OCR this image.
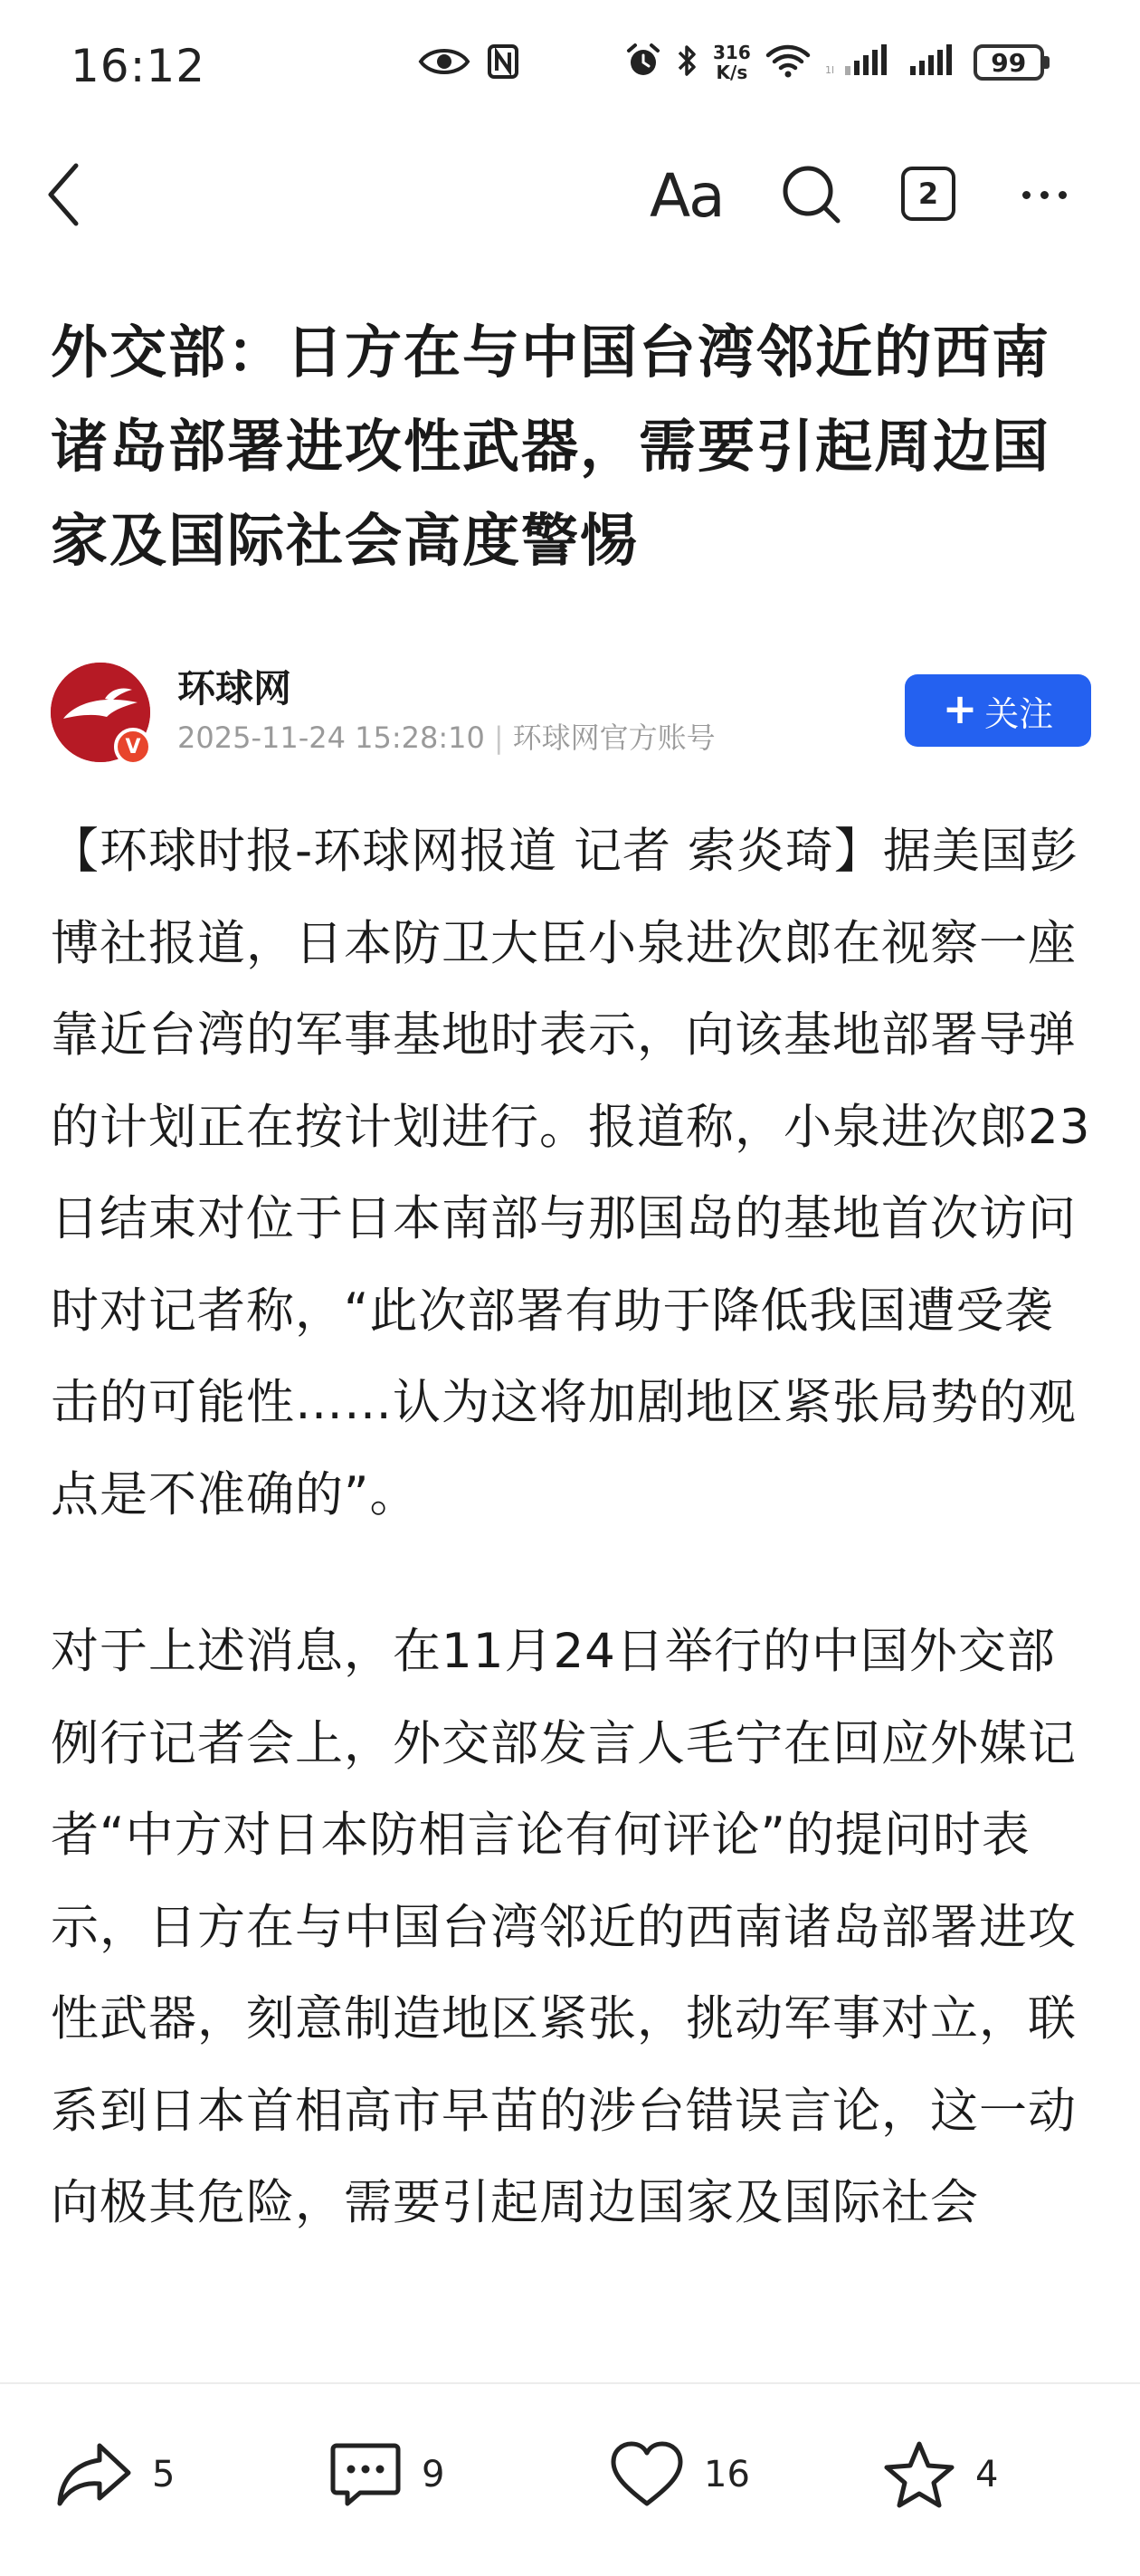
16:12	316
K/s	1l	99
Aa	2
外交部：日方在与中国台湾邻近的西南诸岛部署进攻性武器，需要引起周边国家及国际社会高度警惕
V
环球网
2025-11-24 15:28:10 | 环球网官方账号
+ 关注

【环球时报-环球网报道 记者 索炎琦】据美国彭博社报道，日本防卫大臣小泉进次郎在视察一座靠近台湾的军事基地时表示，向该基地部署导弹的计划正在按计划进行。报道称，小泉进次郎23日结束对位于日本南部与那国岛的基地首次访问时对记者称，“此次部署有助于降低我国遭受袭击的可能性……认为这将加剧地区紧张局势的观点是不准确的”。

对于上述消息，在11月24日举行的中国外交部例行记者会上，外交部发言人毛宁在回应外媒记者“中方对日本防相言论有何评论”的提问时表示，日方在与中国台湾邻近的西南诸岛部署进攻性武器，刻意制造地区紧张，挑动军事对立，联系到日本首相高市早苗的涉台错误言论，这一动向极其危险，需要引起周边国家及国际社会

5	9	16	4
